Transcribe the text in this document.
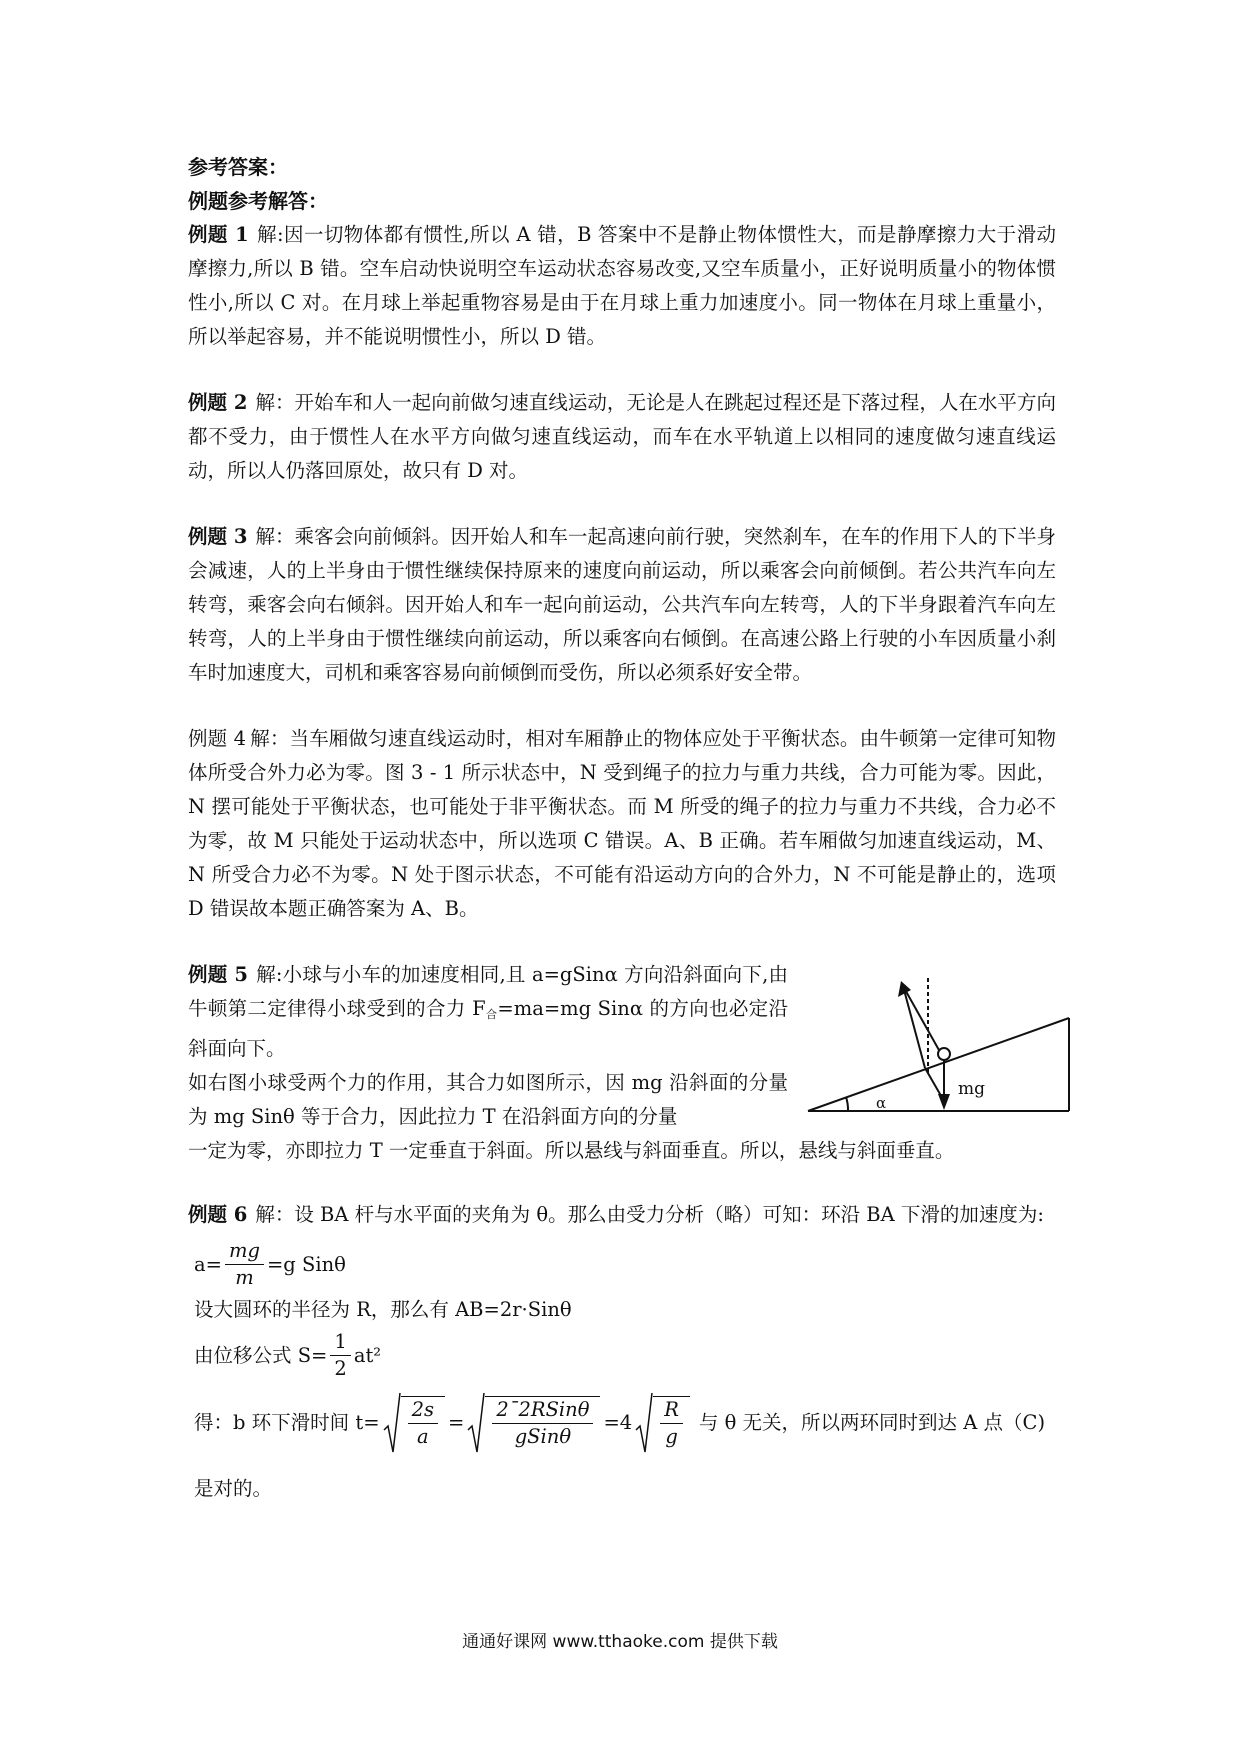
参考答案：

例题参考解答：

例题 1 解:因一切物体都有惯性,所以 A 错，B 答案中不是静止物体惯性大，而是静摩擦力大于滑动摩擦力,所以 B 错。空车启动快说明空车运动状态容易改变,又空车质量小，正好说明质量小的物体惯性小,所以 C 对。在月球上举起重物容易是由于在月球上重力加速度小。同一物体在月球上重量小，所以举起容易，并不能说明惯性小，所以 D 错。

例题 2 解：开始车和人一起向前做匀速直线运动，无论是人在跳起过程还是下落过程，人在水平方向都不受力，由于惯性人在水平方向做匀速直线运动，而车在水平轨道上以相同的速度做匀速直线运动，所以人仍落回原处，故只有 D 对。

例题 3 解：乘客会向前倾斜。因开始人和车一起高速向前行驶，突然刹车，在车的作用下人的下半身会减速，人的上半身由于惯性继续保持原来的速度向前运动，所以乘客会向前倾倒。若公共汽车向左转弯，乘客会向右倾斜。因开始人和车一起向前运动，公共汽车向左转弯，人的下半身跟着汽车向左转弯，人的上半身由于惯性继续向前运动，所以乘客向右倾倒。在高速公路上行驶的小车因质量小刹车时加速度大，司机和乘客容易向前倾倒而受伤，所以必须系好安全带。

例题 4 解：当车厢做匀速直线运动时，相对车厢静止的物体应处于平衡状态。由牛顿第一定律可知物体所受合外力必为零。图 3 - 1 所示状态中，N 受到绳子的拉力与重力共线，合力可能为零。因此，N 摆可能处于平衡状态，也可能处于非平衡状态。而 M 所受的绳子的拉力与重力不共线，合力必不为零，故 M 只能处于运动状态中，所以选项 C 错误。A、B 正确。若车厢做匀加速直线运动，M、N 所受合力必不为零。N 处于图示状态，不可能有沿运动方向的合外力，N 不可能是静止的，选项 D 错误故本题正确答案为 A、B。

例题 5 解:小球与小车的加速度相同,且 a=gSinα 方向沿斜面向下,由牛顿第二定律得小球受到的合力 $F_合=ma=mg$ Sinα 的方向也必定沿斜面向下。
如右图小球受两个力的作用，其合力如图所示，因 mg 沿斜面的分量为 mg Sinθ 等于合力，因此拉力 T 在沿斜面方向的分量
一定为零，亦即拉力 T 一定垂直于斜面。所以悬线与斜面垂直。所以，悬线与斜面垂直。
mg
α

例题 6 解：设 BA 杆与水平面的夹角为 θ。那么由受力分析（略）可知：环沿 BA 下滑的加速度为:

$a= \frac{mg}{m} =g$ Sinθ
设大圆环的半径为 R，那么有 AB=2r·Sinθ
由位移公式 $S= \frac{1}{2} at^2$
得：b 环下滑时间 $t= \frac{2s}{a} = \frac{\text{2ˉ2RSinθ}}{\text{gSinθ}} =4 \frac{R}{g}$ 与 θ 无关，所以两环同时到达 A 点（C)
是对的。
通通好课网 www.tthaoke.com 提供下载
